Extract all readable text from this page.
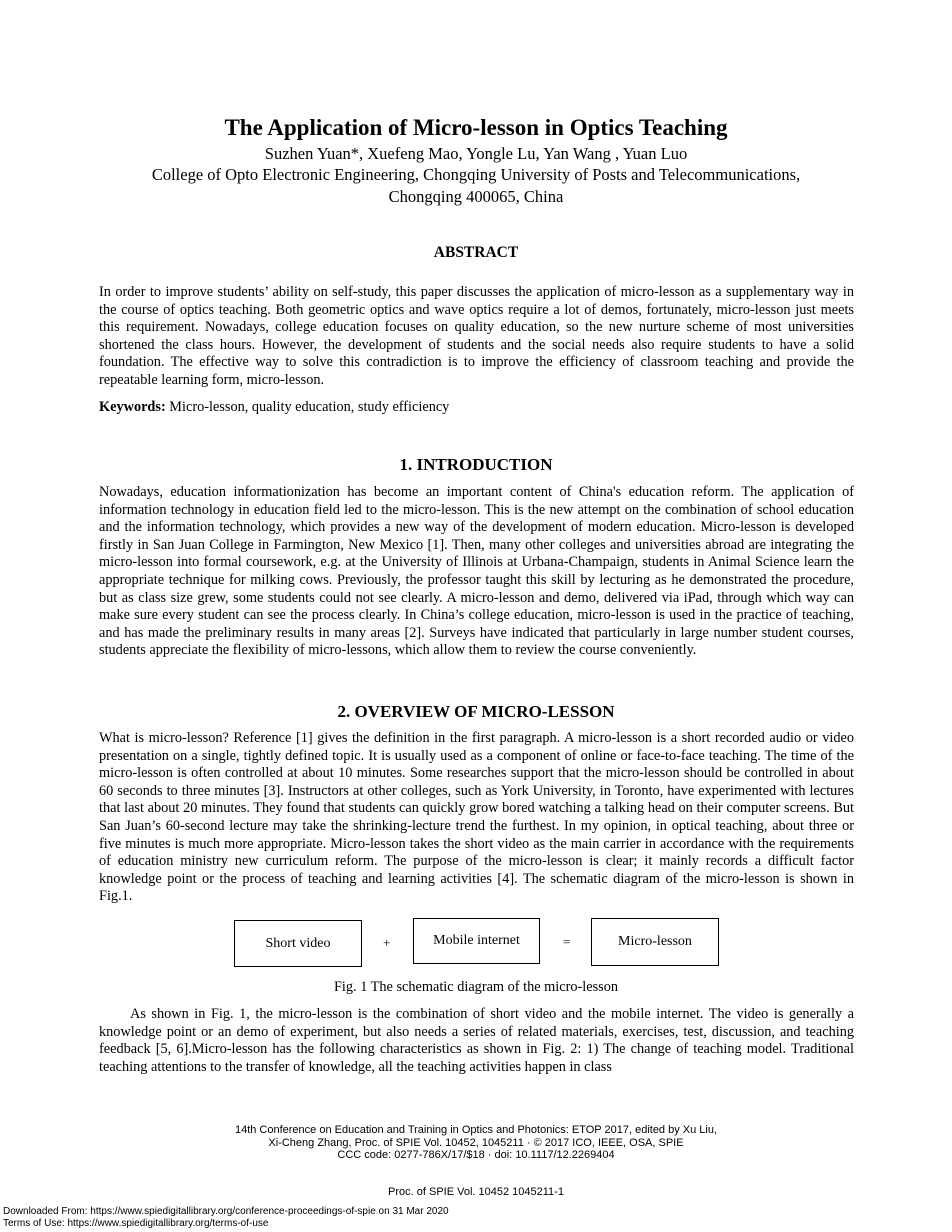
The Application of Micro-lesson in Optics Teaching
Suzhen Yuan*, Xuefeng Mao, Yongle Lu, Yan Wang , Yuan Luo
College of Opto Electronic Engineering, Chongqing University of Posts and Telecommunications,
Chongqing 400065, China
ABSTRACT

In order to improve students’ ability on self-study, this paper discusses the application of micro-lesson as a supplementary way in the course of optics teaching. Both geometric optics and wave optics require a lot of demos, fortunately, micro-lesson just meets this requirement. Nowadays, college education focuses on quality education, so the new nurture scheme of most universities shortened the class hours. However, the development of students and the social needs also require students to have a solid foundation. The effective way to solve this contradiction is to improve the efficiency of classroom teaching and provide the repeatable learning form, micro-lesson.

Keywords: Micro-lesson, quality education, study efficiency
1. INTRODUCTION

Nowadays, education informationization has become an important content of China's education reform. The application of information technology in education field led to the micro-lesson. This is the new attempt on the combination of school education and the information technology, which provides a new way of the development of modern education. Micro-lesson is developed firstly in San Juan College in Farmington, New Mexico [1]. Then, many other colleges and universities abroad are integrating the micro-lesson into formal coursework, e.g. at the University of Illinois at Urbana-Champaign, students in Animal Science learn the appropriate technique for milking cows. Previously, the professor taught this skill by lecturing as he demonstrated the procedure, but as class size grew, some students could not see clearly. A micro-lesson and demo, delivered via iPad, through which way can make sure every student can see the process clearly. In China’s college education, micro-lesson is used in the practice of teaching, and has made the preliminary results in many areas [2]. Surveys have indicated that particularly in large number student courses, students appreciate the flexibility of micro-lessons, which allow them to review the course conveniently.

2. OVERVIEW OF MICRO-LESSON

What is micro-lesson? Reference [1] gives the definition in the first paragraph. A micro-lesson is a short recorded audio or video presentation on a single, tightly defined topic. It is usually used as a component of online or face-to-face teaching. The time of the micro-lesson is often controlled at about 10 minutes. Some researches support that the micro-lesson should be controlled in about 60 seconds to three minutes [3]. Instructors at other colleges, such as York University, in Toronto, have experimented with lectures that last about 20 minutes. They found that students can quickly grow bored watching a talking head on their computer screens. But San Juan’s 60-second lecture may take the shrinking-lecture trend the furthest. In my opinion, in optical teaching, about three or five minutes is much more appropriate. Micro-lesson takes the short video as the main carrier in accordance with the requirements of education ministry new curriculum reform. The purpose of the micro-lesson is clear; it mainly records a difficult factor knowledge point or the process of teaching and learning activities [4]. The schematic diagram of the micro-lesson is shown in Fig.1.

Short video	+	Mobile internet	=	Micro-lesson
Fig. 1 The schematic diagram of the micro-lesson

As shown in Fig. 1, the micro-lesson is the combination of short video and the mobile internet. The video is generally a knowledge point or an demo of experiment, but also needs a series of related materials, exercises, test, discussion, and teaching feedback [5, 6].Micro-lesson has the following characteristics as shown in Fig. 2: 1) The change of teaching model. Traditional teaching attentions to the transfer of knowledge, all the teaching activities happen in class

14th Conference on Education and Training in Optics and Photonics: ETOP 2017, edited by Xu Liu,
Xi-Cheng Zhang, Proc. of SPIE Vol. 10452, 1045211 · © 2017 ICO, IEEE, OSA, SPIE
CCC code: 0277-786X/17/$18 · doi: 10.1117/12.2269404
Proc. of SPIE Vol. 10452 1045211-1
Downloaded From: https://www.spiedigitallibrary.org/conference-proceedings-of-spie on 31 Mar 2020
Terms of Use: https://www.spiedigitallibrary.org/terms-of-use
